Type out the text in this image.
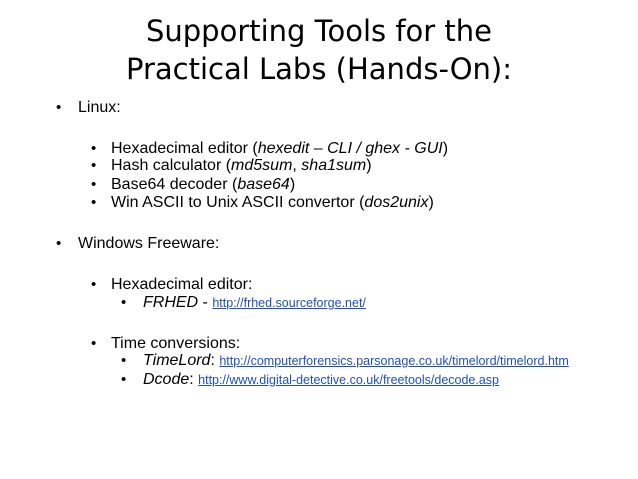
Supporting Tools for the
Practical Labs (Hands-On):
• Linux:
• Hexadecimal editor (hexedit – CLI / ghex - GUI)
• Hash calculator (md5sum, sha1sum)
• Base64 decoder (base64)
• Win ASCII to Unix ASCII convertor (dos2unix)
• Windows Freeware:
• Hexadecimal editor:
• FRHED - http://frhed.sourceforge.net/
• Time conversions:
• TimeLord: http://computerforensics.parsonage.co.uk/timelord/timelord.htm
• Dcode: http://www.digital-detective.co.uk/freetools/decode.asp
